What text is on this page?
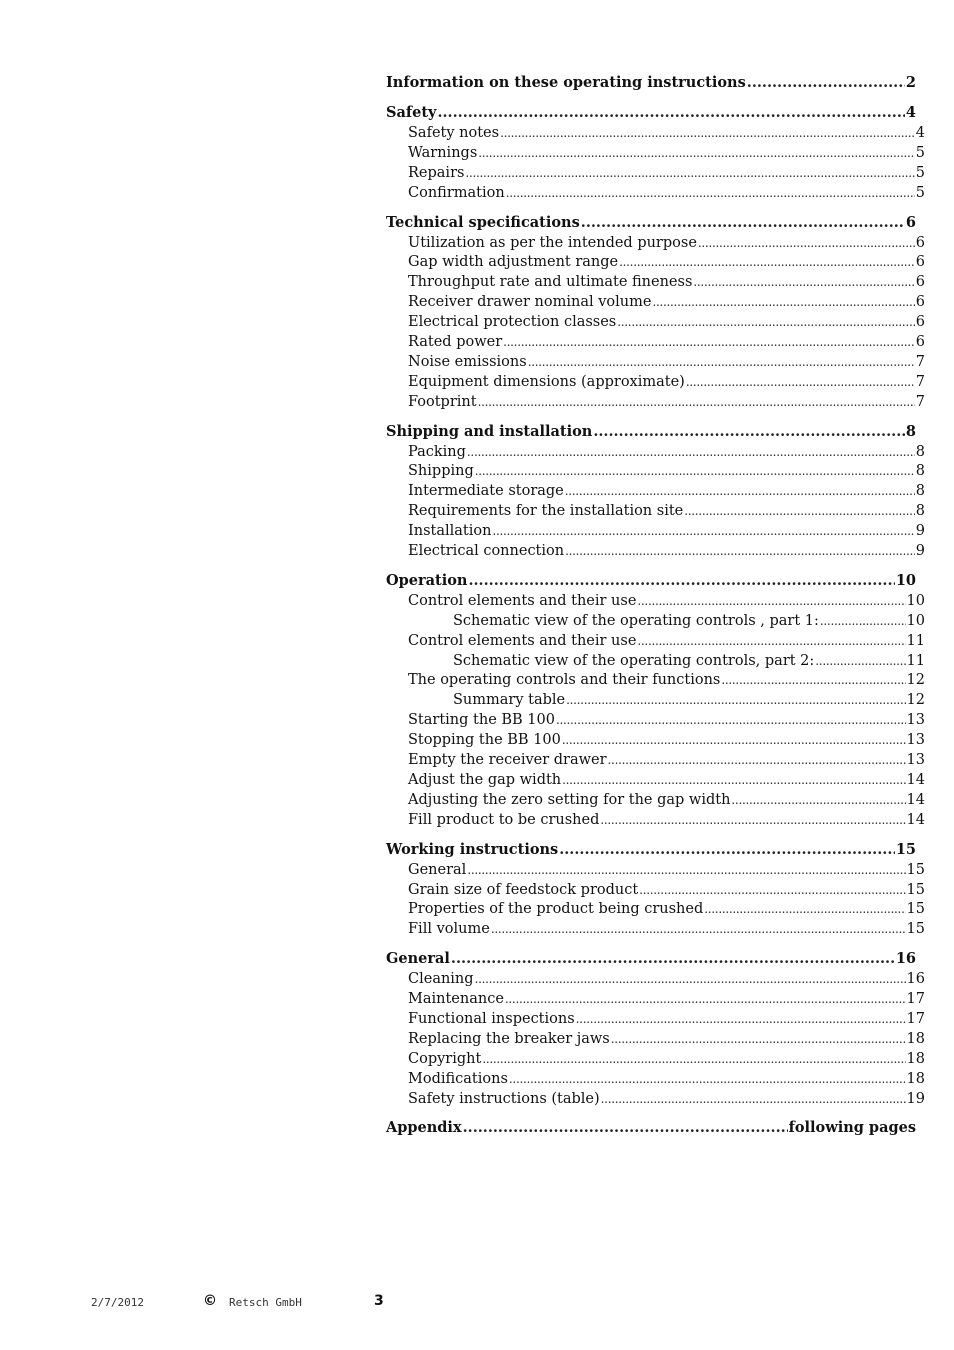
Information on these operating instructions .....	2
Safety .....	4
Safety notes .....	4
Warnings .....	5
Repairs .....	5
Confirmation .....	5
Technical specifications .....	6
Utilization as per the intended purpose .....	6
Gap width adjustment range .....	6
Throughput rate and ultimate fineness .....	6
Receiver drawer nominal volume .....	6
Electrical protection classes .....	6
Rated power .....	6
Noise emissions .....	7
Equipment dimensions (approximate) .....	7
Footprint .....	7
Shipping and installation .....	8
Packing .....	8
Shipping .....	8
Intermediate storage .....	8
Requirements for the installation site .....	8
Installation .....	9
Electrical connection .....	9
Operation .....	10
Control elements and their use .....	10
Schematic view of the operating controls , part 1: .....	10
Control elements and their use .....	11
Schematic view of the operating controls, part 2: .....	11
The operating controls and their functions .....	12
Summary table .....	12
Starting the BB 100 .....	13
Stopping the BB 100 .....	13
Empty the receiver drawer .....	13
Adjust the gap width .....	14
Adjusting the zero setting for the gap width .....	14
Fill product to be crushed .....	14
Working instructions .....	15
General .....	15
Grain size of feedstock product .....	15
Properties of the product being crushed .....	15
Fill volume .....	15
General .....	16
Cleaning .....	16
Maintenance .....	17
Functional inspections .....	17
Replacing the breaker jaws .....	18
Copyright .....	18
Modifications .....	18
Safety instructions (table) .....	19
Appendix .....	following pages
2/7/2012	© Retsch GmbH	3
